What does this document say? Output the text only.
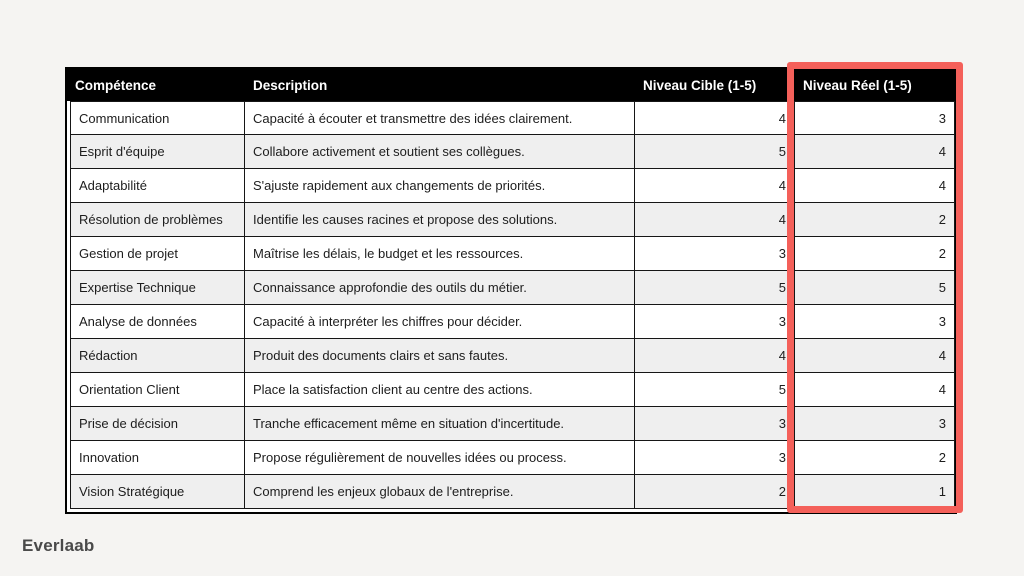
Compétence	Description	Niveau Cible (1-5)	Niveau Réel (1-5)
Communication	Capacité à écouter et transmettre des idées clairement.	4	3
Esprit d'équipe	Collabore activement et soutient ses collègues.	5	4
Adaptabilité	S'ajuste rapidement aux changements de priorités.	4	4
Résolution de problèmes	Identifie les causes racines et propose des solutions.	4	2
Gestion de projet	Maîtrise les délais, le budget et les ressources.	3	2
Expertise Technique	Connaissance approfondie des outils du métier.	5	5
Analyse de données	Capacité à interpréter les chiffres pour décider.	3	3
Rédaction	Produit des documents clairs et sans fautes.	4	4
Orientation Client	Place la satisfaction client au centre des actions.	5	4
Prise de décision	Tranche efficacement même en situation d'incertitude.	3	3
Innovation	Propose régulièrement de nouvelles idées ou process.	3	2
Vision Stratégique	Comprend les enjeux globaux de l'entreprise.	2	1
Everlaab
